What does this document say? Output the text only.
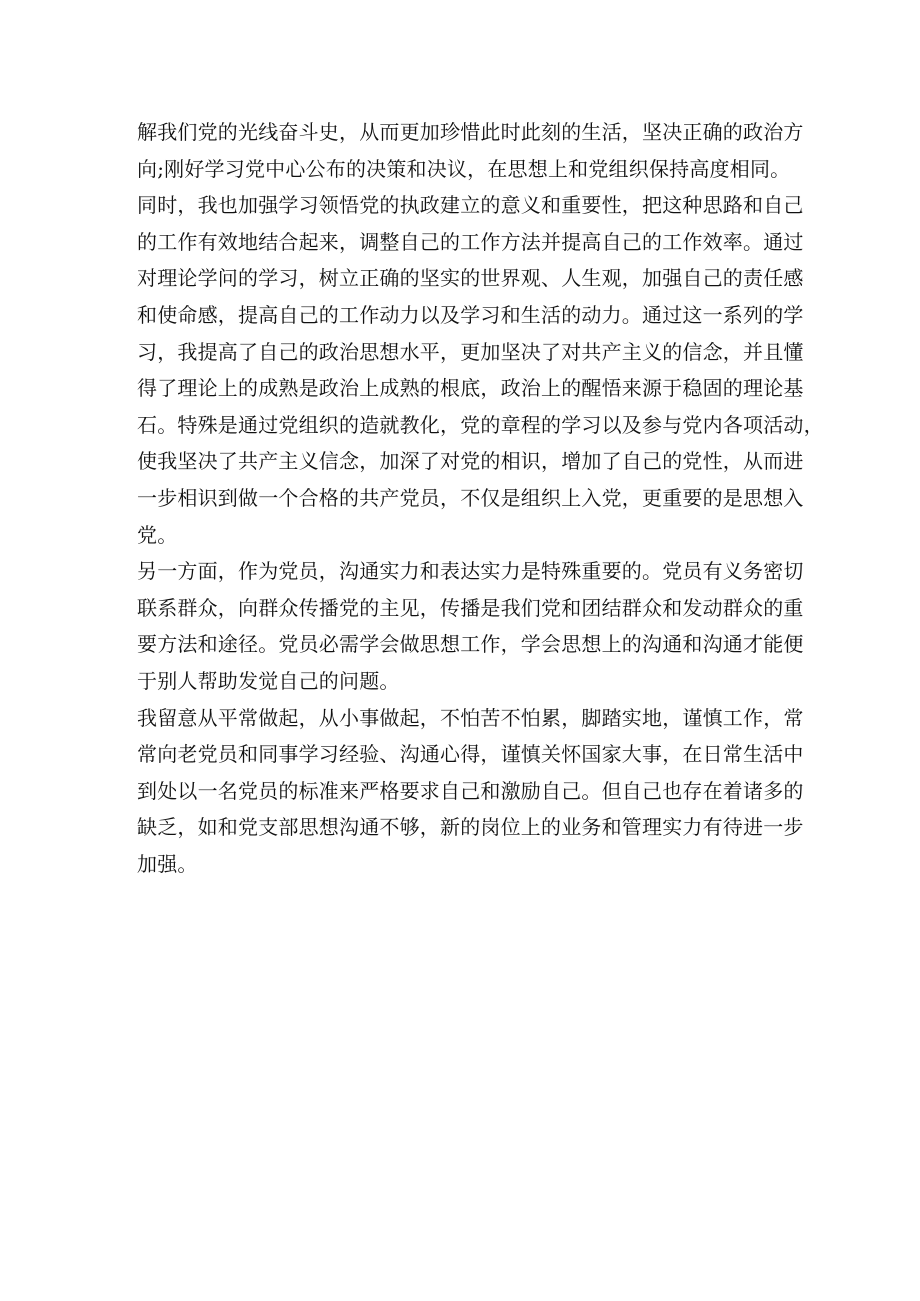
解我们党的光线奋斗史，从而更加珍惜此时此刻的生活，坚决正确的政治方
向;刚好学习党中心公布的决策和决议，在思想上和党组织保持高度相同。
同时，我也加强学习领悟党的执政建立的意义和重要性，把这种思路和自己
的工作有效地结合起来，调整自己的工作方法并提高自己的工作效率。通过
对理论学问的学习，树立正确的坚实的世界观、人生观，加强自己的责任感
和使命感，提高自己的工作动力以及学习和生活的动力。通过这一系列的学
习，我提高了自己的政治思想水平，更加坚决了对共产主义的信念，并且懂
得了理论上的成熟是政治上成熟的根底，政治上的醒悟来源于稳固的理论基
石。特殊是通过党组织的造就教化，党的章程的学习以及参与党内各项活动，
使我坚决了共产主义信念，加深了对党的相识，增加了自己的党性，从而进
一步相识到做一个合格的共产党员，不仅是组织上入党，更重要的是思想入
党。
另一方面，作为党员，沟通实力和表达实力是特殊重要的。党员有义务密切
联系群众，向群众传播党的主见，传播是我们党和团结群众和发动群众的重
要方法和途径。党员必需学会做思想工作，学会思想上的沟通和沟通才能便
于别人帮助发觉自己的问题。
我留意从平常做起，从小事做起，不怕苦不怕累，脚踏实地，谨慎工作，常
常向老党员和同事学习经验、沟通心得，谨慎关怀国家大事，在日常生活中
到处以一名党员的标准来严格要求自己和激励自己。但自己也存在着诸多的
缺乏，如和党支部思想沟通不够，新的岗位上的业务和管理实力有待进一步
加强。
